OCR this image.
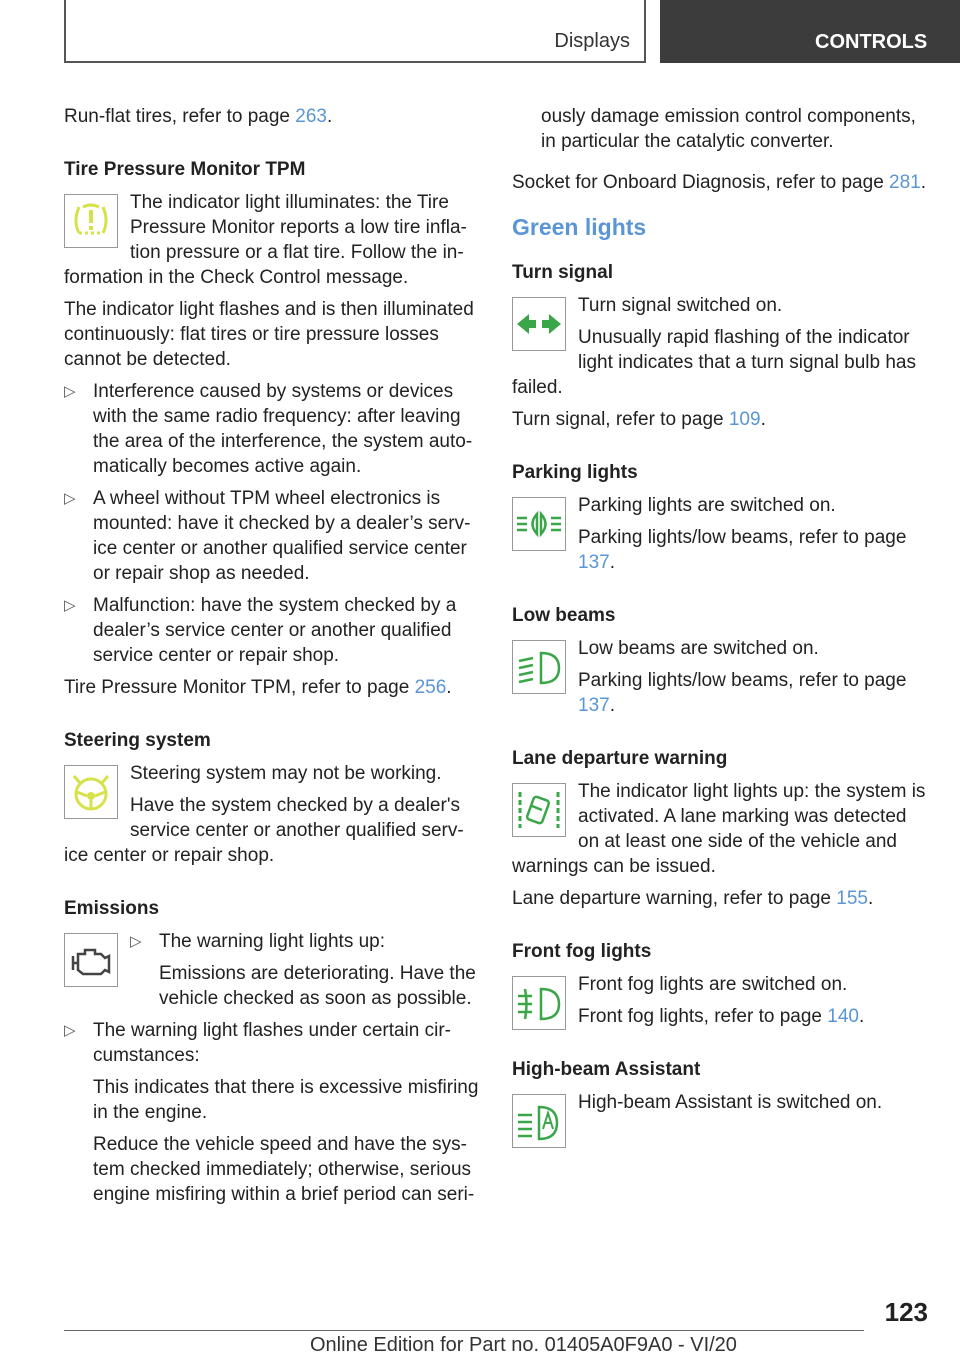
Displays	CONTROLS

Run-flat tires, refer to page 263.

Tire Pressure Monitor TPM

The indicator light illuminates: the Tire Pressure Monitor reports a low tire infla-tion pressure or a flat tire. Follow the in-

formation in the Check Control message.

The indicator light flashes and is then illuminated continuously: flat tires or tire pressure losses cannot be detected.

▷ Interference caused by systems or devices with the same radio frequency: after leaving the area of the interference, the system auto-matically becomes active again.
▷ A wheel without TPM wheel electronics is mounted: have it checked by a dealer’s serv-ice center or another qualified service center or repair shop as needed.
▷ Malfunction: have the system checked by a dealer’s service center or another qualified service center or repair shop.

Tire Pressure Monitor TPM, refer to page 256.

Steering system

Steering system may not be working.

Have the system checked by a dealer's service center or another qualified serv-

ice center or repair shop.

Emissions

▷ The warning light lights up:

Emissions are deteriorating. Have the vehicle checked as soon as possible.

▷ The warning light flashes under certain cir-cumstances:

This indicates that there is excessive misfiring in the engine.

Reduce the vehicle speed and have the sys-tem checked immediately; otherwise, serious engine misfiring within a brief period can seri-

ously damage emission control components, in particular the catalytic converter.

Socket for Onboard Diagnosis, refer to page 281.

Green lights
Turn signal

Turn signal switched on.

Unusually rapid flashing of the indicator light indicates that a turn signal bulb has

failed.

Turn signal, refer to page 109.

Parking lights

Parking lights are switched on.

Parking lights/low beams, refer to page 137.

Low beams

Low beams are switched on.

Parking lights/low beams, refer to page 137.

Lane departure warning

The indicator light lights up: the system is activated. A lane marking was detected on at least one side of the vehicle and

warnings can be issued.

Lane departure warning, refer to page 155.

Front fog lights

Front fog lights are switched on.

Front fog lights, refer to page 140.

High-beam Assistant

High-beam Assistant is switched on.

123
Online Edition for Part no. 01405A0F9A0 - VI/20
